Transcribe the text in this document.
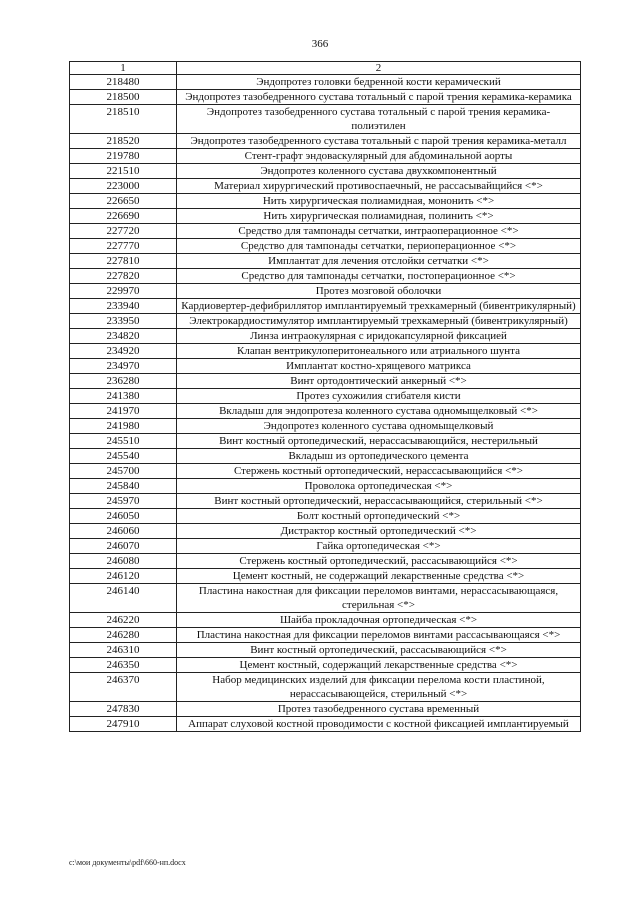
366
1	2
218480	Эндопротез головки бедренной кости керамический
218500	Эндопротез тазобедренного сустава тотальный с парой трения керамика-керамика
218510	Эндопротез тазобедренного сустава тотальный с парой трения керамика-полиэтилен
218520	Эндопротез тазобедренного сустава тотальный с парой трения керамика-металл
219780	Стент-графт эндоваскулярный для абдоминальной аорты
221510	Эндопротез коленного сустава двухкомпонентный
223000	Материал хирургический противоспаечный, не рассасывайщийся <*>
226650	Нить хирургическая полиамидная, мононить <*>
226690	Нить хирургическая полиамидная, полинить <*>
227720	Средство для тампонады сетчатки, интраоперационное <*>
227770	Средство для тампонады сетчатки, периоперационное <*>
227810	Имплантат для лечения отслойки сетчатки <*>
227820	Средство для тампонады сетчатки, постоперационное <*>
229970	Протез мозговой оболочки
233940	Кардиовертер-дефибриллятор имплантируемый трехкамерный (бивентрикулярный)
233950	Электрокардиостимулятор имплантируемый трехкамерный (бивентрикулярный)
234820	Линза интраокулярная с иридокапсулярной фиксацией
234920	Клапан вентрикулоперитонеального или атриального шунта
234970	Имплантат костно-хрящевого матрикса
236280	Винт ортодонтический анкерный <*>
241380	Протез сухожилия сгибателя кисти
241970	Вкладыш для эндопротеза коленного сустава одномыщелковый <*>
241980	Эндопротез коленного сустава одномыщелковый
245510	Винт костный ортопедический, нерассасывающийся, нестерильный
245540	Вкладыш из ортопедического цемента
245700	Стержень костный ортопедический, нерассасывающийся <*>
245840	Проволока ортопедическая <*>
245970	Винт костный ортопедический, нерассасывающийся, стерильный <*>
246050	Болт костный ортопедический <*>
246060	Дистрактор костный ортопедический <*>
246070	Гайка ортопедическая <*>
246080	Стержень костный ортопедический, рассасывающийся <*>
246120	Цемент костный, не содержащий лекарственные средства <*>
246140	Пластина накостная для фиксации переломов винтами, нерассасывающаяся, стерильная <*>
246220	Шайба прокладочная ортопедическая <*>
246280	Пластина накостная для фиксации переломов винтами рассасывающаяся <*>
246310	Винт костный ортопедический, рассасывающийся <*>
246350	Цемент костный, содержащий лекарственные средства <*>
246370	Набор медицинских изделий для фиксации перелома кости пластиной, нерассасывающейся, стерильный <*>
247830	Протез тазобедренного сустава временный
247910	Аппарат слуховой костной проводимости с костной фиксацией имплантируемый
c:\мои документы\pdf\660-нп.docx
